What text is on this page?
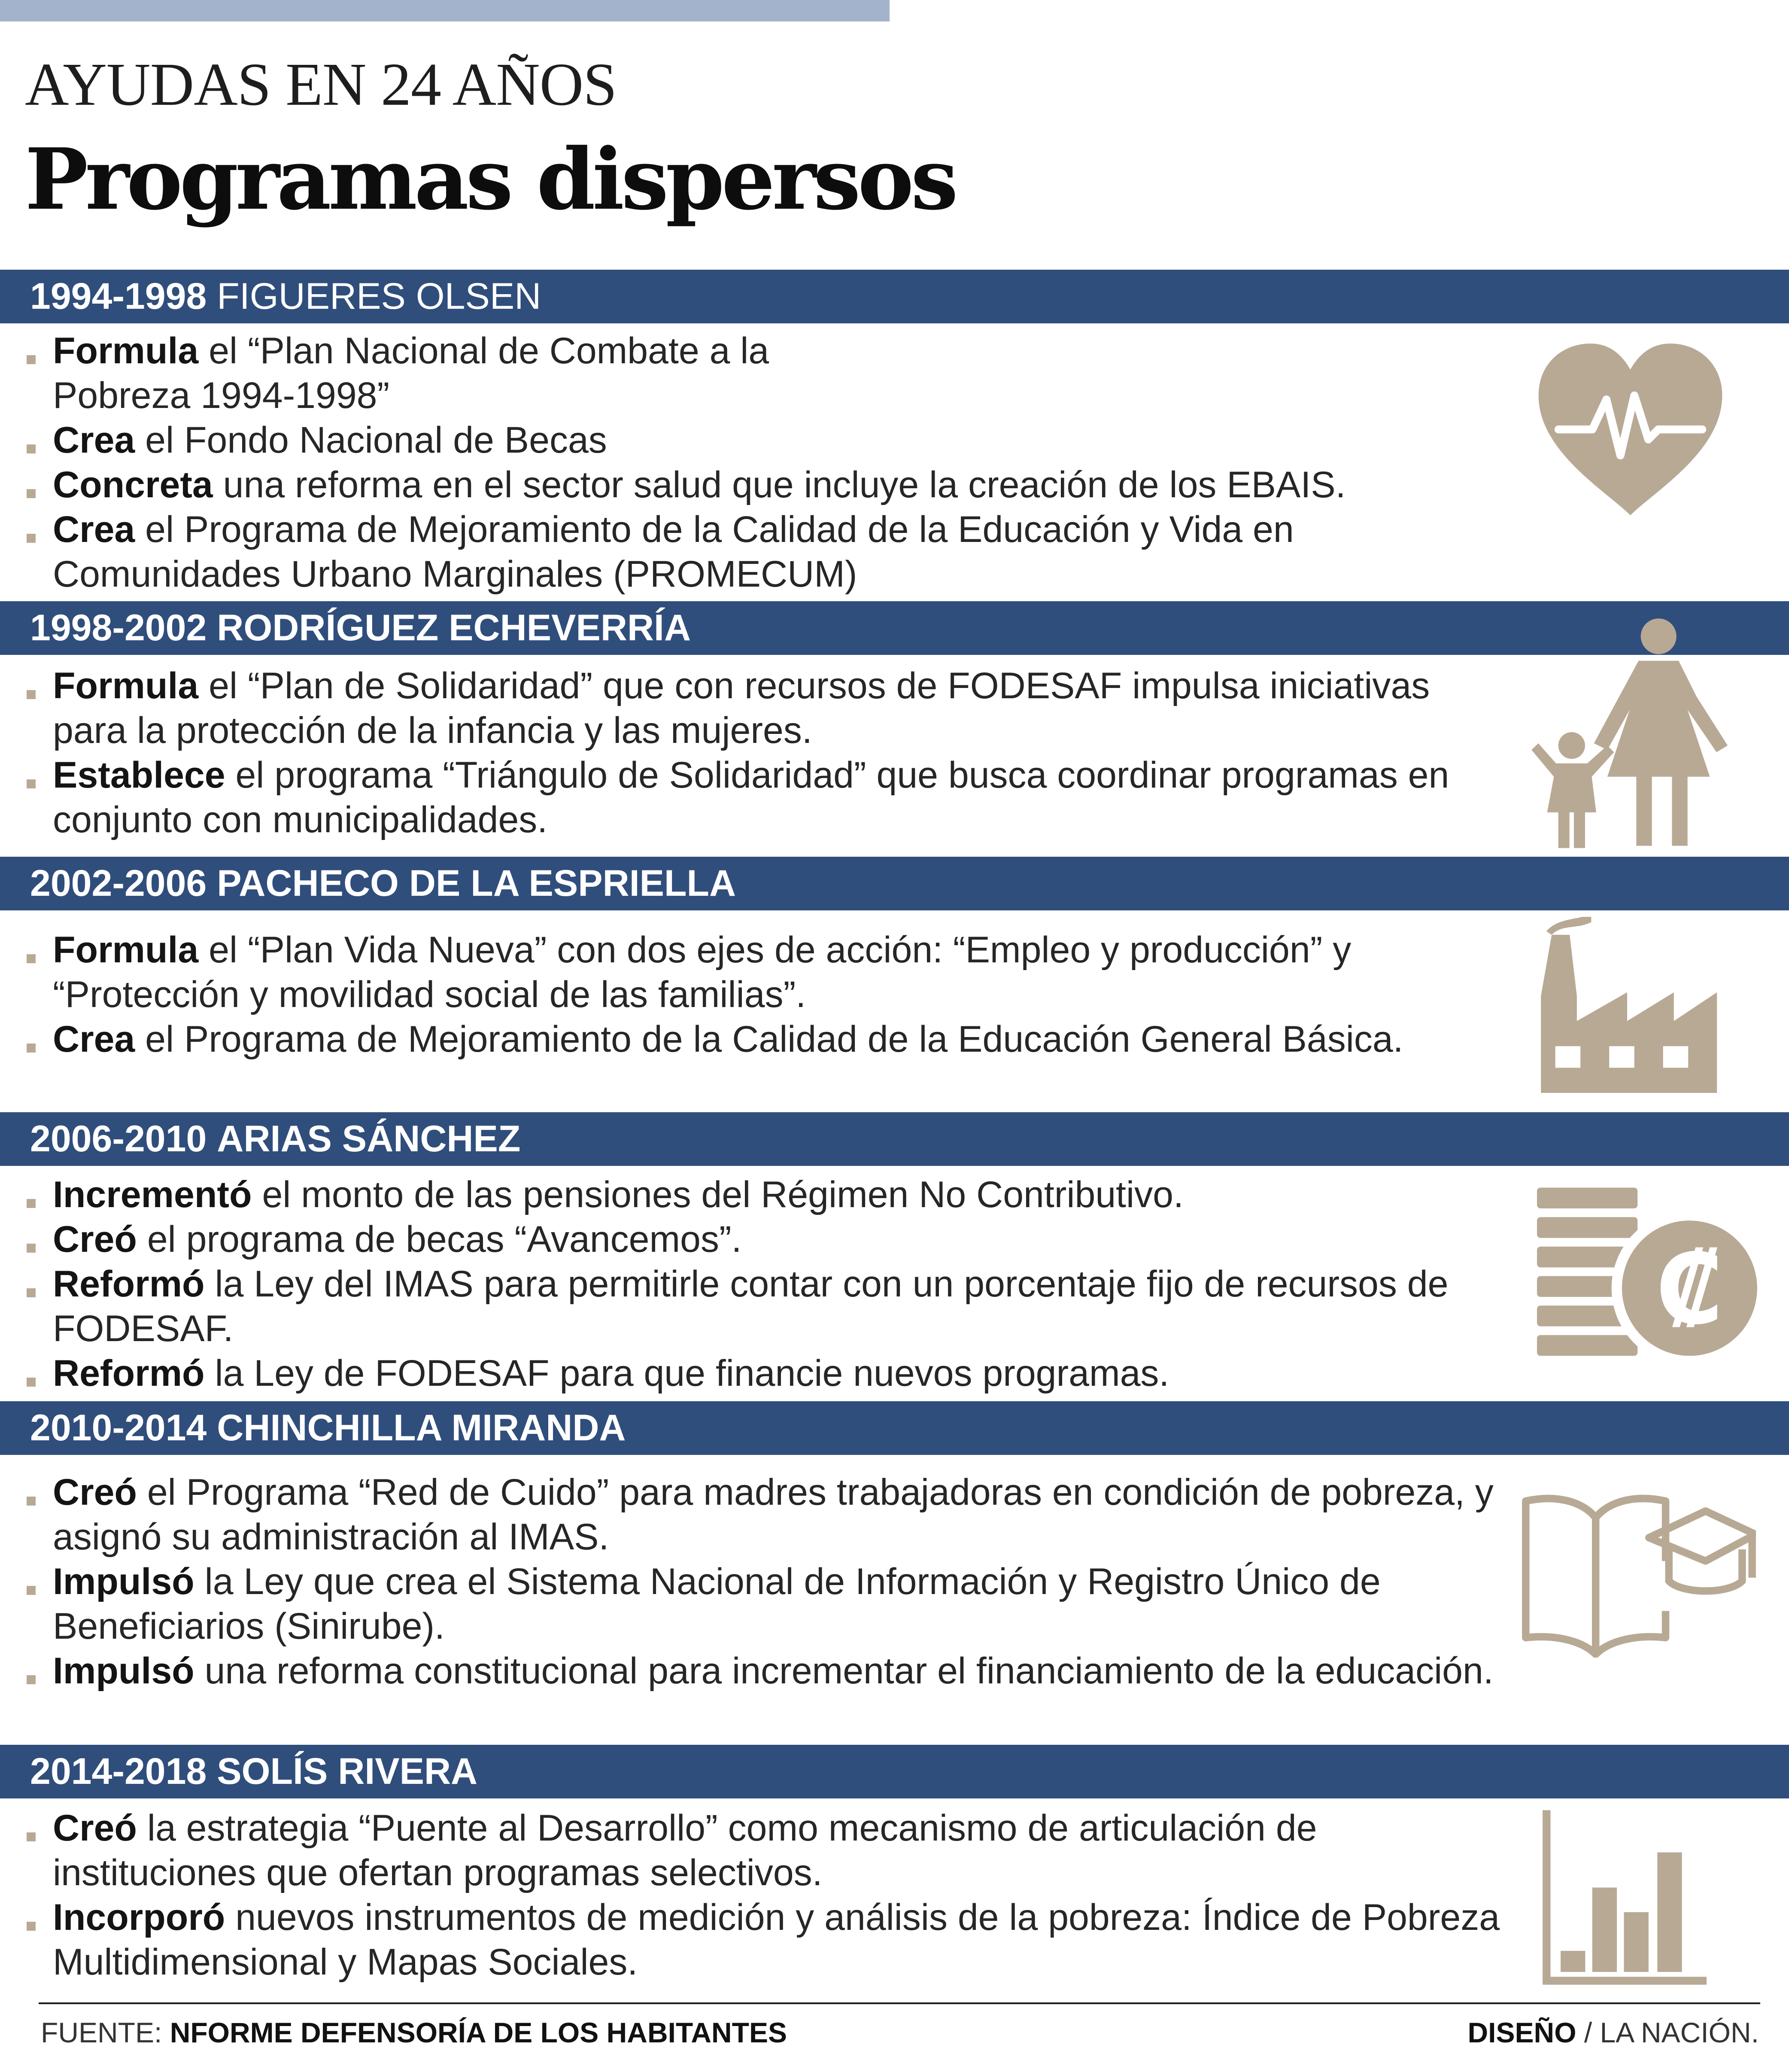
AYUDAS EN 24 AÑOS
Programas dispersos
1994-1998 FIGUERES OLSEN
Formula el “Plan Nacional de Combate a la
Pobreza 1994-1998”
Crea el Fondo Nacional de Becas
Concreta una reforma en el sector salud que incluye la creación de los EBAIS.
Crea el Programa de Mejoramiento de la Calidad de la Educación y Vida en Comunidades Urbano Marginales (PROMECUM)
1998-2002 RODRÍGUEZ ECHEVERRÍA
Formula el “Plan de Solidaridad” que con recursos de FODESAF impulsa iniciativas para la protección de la infancia y las mujeres.
Establece el programa “Triángulo de Solidaridad” que busca coordinar programas en conjunto con municipalidades.
2002-2006 PACHECO DE LA ESPRIELLA
Formula el “Plan Vida Nueva” con dos ejes de acción: “Empleo y producción” y “Protección y movilidad social de las familias”.
Crea el Programa de Mejoramiento de la Calidad de la Educación General Básica.
2006-2010 ARIAS SÁNCHEZ
Incrementó el monto de las pensiones del Régimen No Contributivo.
Creó el programa de becas “Avancemos”.
Reformó la Ley del IMAS para permitirle contar con un porcentaje fijo de recursos de FODESAF.
Reformó la Ley de FODESAF para que financie nuevos programas.
₡
2010-2014 CHINCHILLA MIRANDA
Creó el Programa “Red de Cuido” para madres trabajadoras en condición de pobreza, y asignó su administración al IMAS.
Impulsó la Ley que crea el Sistema Nacional de Información y Registro Único de Beneficiarios (Sinirube).
Impulsó una reforma constitucional para incrementar el financiamiento de la educación.
2014-2018 SOLÍS RIVERA
Creó la estrategia “Puente al Desarrollo” como mecanismo de articulación de instituciones que ofertan programas selectivos.
Incorporó nuevos instrumentos de medición y análisis de la pobreza: Índice de Pobreza Multidimensional y Mapas Sociales.
FUENTE: NFORME DEFENSORÍA DE LOS HABITANTES	DISEÑO / LA NACIÓN.
